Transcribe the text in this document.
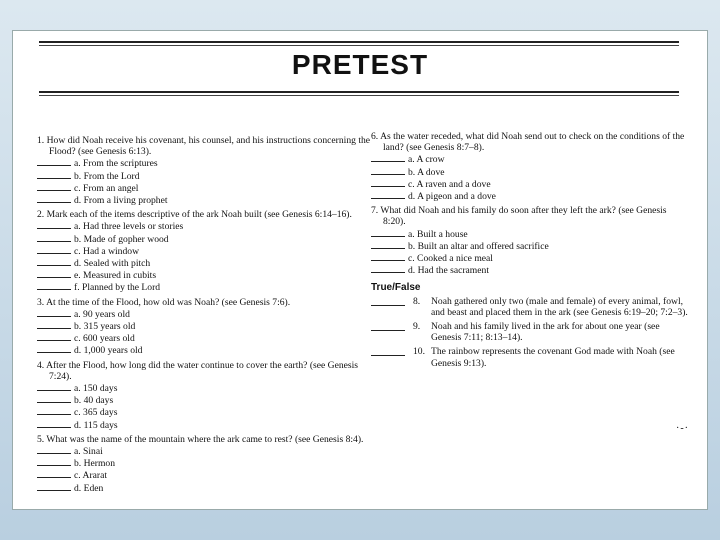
PRETEST
1. How did Noah receive his covenant, his counsel, and his instructions concerning the Flood? (see Genesis 6:13).
a. From the scriptures
b. From the Lord
c. From an angel
d. From a living prophet
2. Mark each of the items descriptive of the ark Noah built (see Genesis 6:14–16).
a. Had three levels or stories
b. Made of gopher wood
c. Had a window
d. Sealed with pitch
e. Measured in cubits
f. Planned by the Lord
3. At the time of the Flood, how old was Noah? (see Genesis 7:6).
a. 90 years old
b. 315 years old
c. 600 years old
d. 1,000 years old
4. After the Flood, how long did the water continue to cover the earth? (see Genesis 7:24).
a. 150 days
b. 40 days
c. 365 days
d. 115 days
5. What was the name of the mountain where the ark came to rest? (see Genesis 8:4).
a. Sinai
b. Hermon
c. Ararat
d. Eden
6. As the water receded, what did Noah send out to check on the conditions of the land? (see Genesis 8:7–8).
a. A crow
b. A dove
c. A raven and a dove
d. A pigeon and a dove
7. What did Noah and his family do soon after they left the ark? (see Genesis 8:20).
a. Built a house
b. Built an altar and offered sacrifice
c. Cooked a nice meal
d. Had the sacrament
True/False
8.	Noah gathered only two (male and female) of every animal, fowl, and beast and placed them in the ark (see Genesis 6:19–20; 7:2–3).
9.	Noah and his family lived in the ark for about one year (see Genesis 7:11; 8:13–14).
10. The rainbow represents the covenant God made with Noah (see Genesis 9:13).
·-·
